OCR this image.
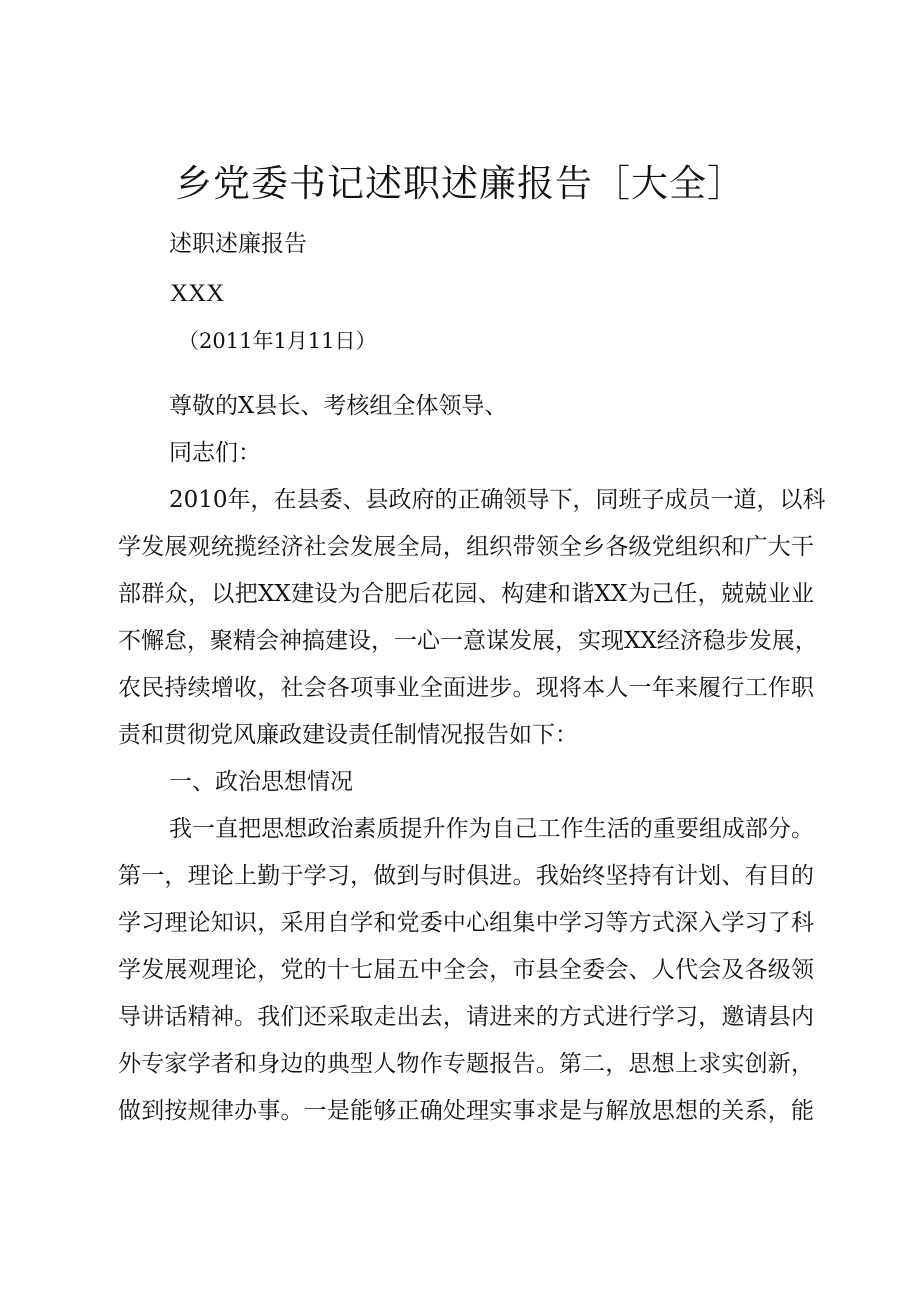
乡党委书记述职述廉报告［大全］
述职述廉报告
XXX
（2011年1月11日）
尊敬的X县长、考核组全体领导、
同志们：
2010年，在县委、县政府的正确领导下，同班子成员一道，以科
学发展观统揽经济社会发展全局，组织带领全乡各级党组织和广大干
部群众，以把XX建设为合肥后花园、构建和谐XX为己任，兢兢业业
不懈怠，聚精会神搞建设，一心一意谋发展，实现XX经济稳步发展，
农民持续增收，社会各项事业全面进步。现将本人一年来履行工作职
责和贯彻党风廉政建设责任制情况报告如下：
一、政治思想情况
我一直把思想政治素质提升作为自己工作生活的重要组成部分。
第一，理论上勤于学习，做到与时俱进。我始终坚持有计划、有目的
学习理论知识，采用自学和党委中心组集中学习等方式深入学习了科
学发展观理论，党的十七届五中全会，市县全委会、人代会及各级领
导讲话精神。我们还采取走出去，请进来的方式进行学习，邀请县内
外专家学者和身边的典型人物作专题报告。第二，思想上求实创新，
做到按规律办事。一是能够正确处理实事求是与解放思想的关系，能
